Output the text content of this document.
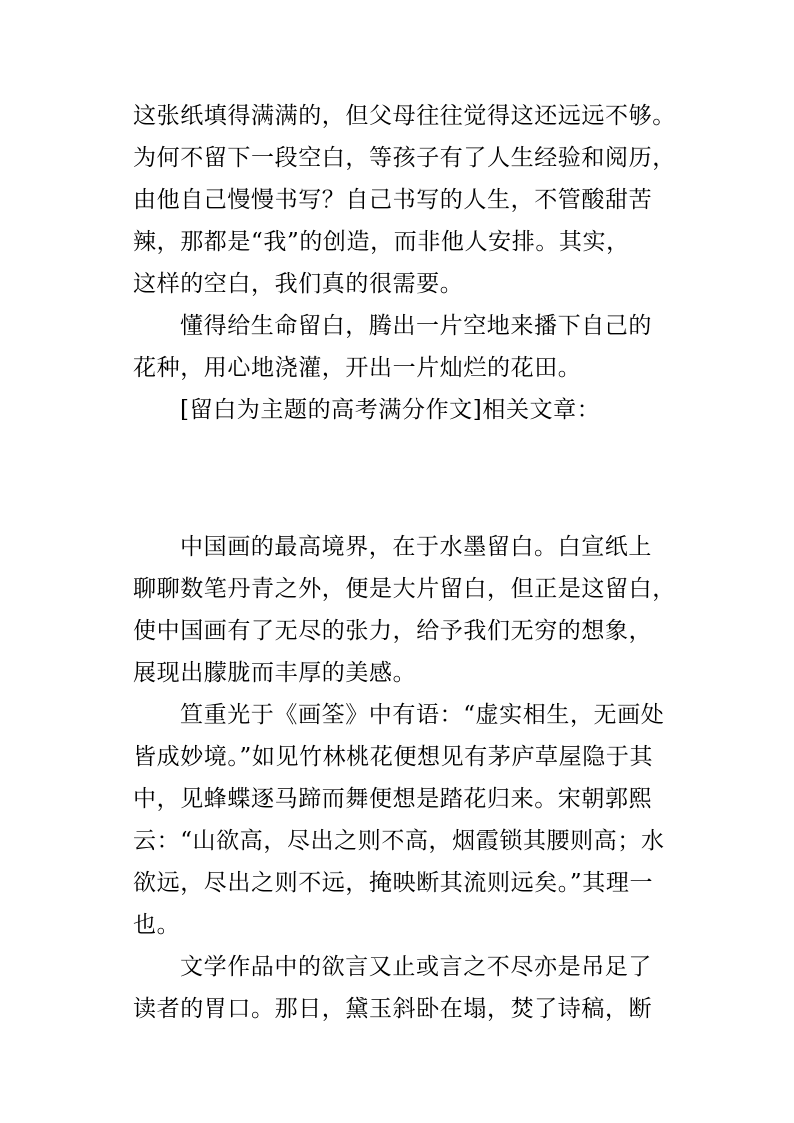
这张纸填得满满的，但父母往往觉得这还远远不够。
为何不留下一段空白，等孩子有了人生经验和阅历，
由他自己慢慢书写？自己书写的人生，不管酸甜苦
辣，那都是“我”的创造，而非他人安排。其实，
这样的空白，我们真的很需要。
懂得给生命留白，腾出一片空地来播下自己的
花种，用心地浇灌，开出一片灿烂的花田。
[留白为主题的高考满分作文]相关文章：
中国画的最高境界，在于水墨留白。白宣纸上
聊聊数笔丹青之外，便是大片留白，但正是这留白，
使中国画有了无尽的张力，给予我们无穷的想象，
展现出朦胧而丰厚的美感。
笪重光于《画筌》中有语：“虚实相生，无画处
皆成妙境。”如见竹林桃花便想见有茅庐草屋隐于其
中，见蜂蝶逐马蹄而舞便想是踏花归来。宋朝郭熙
云：“山欲高，尽出之则不高，烟霞锁其腰则高；水
欲远，尽出之则不远，掩映断其流则远矣。”其理一
也。
文学作品中的欲言又止或言之不尽亦是吊足了
读者的胃口。那日，黛玉斜卧在塌，焚了诗稿，断
